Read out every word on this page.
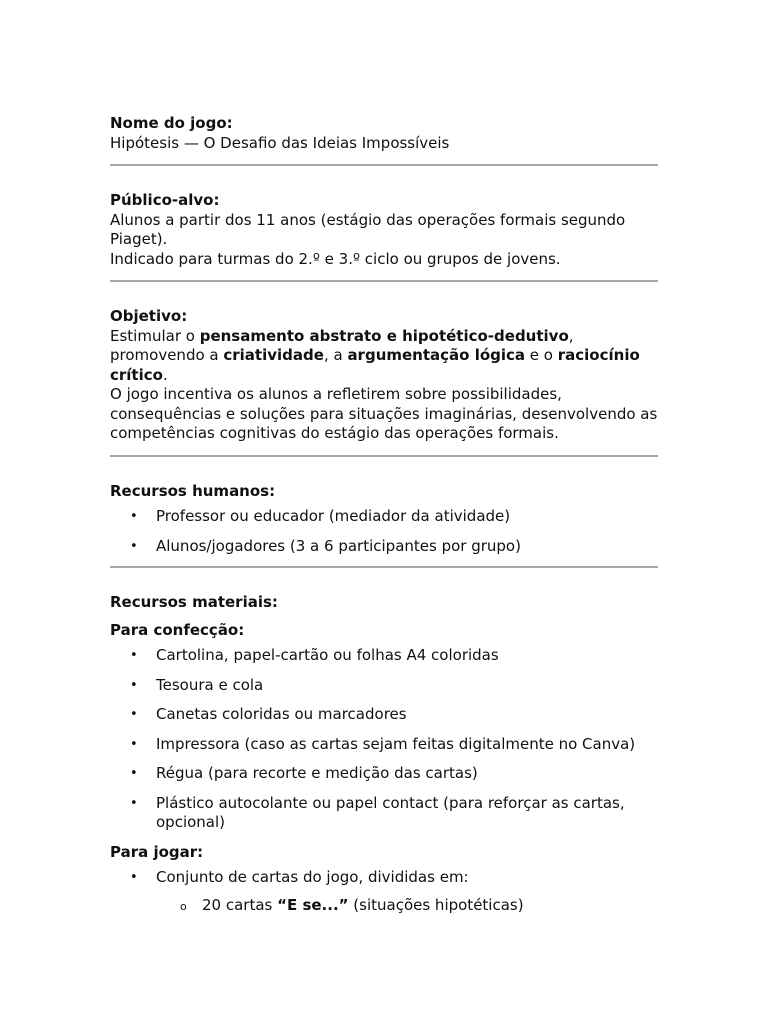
Nome do jogo:

Hipótesis — O Desafio das Ideias Impossíveis

Público-alvo:

Alunos a partir dos 11 anos (estágio das operações formais segundo Piaget).

Indicado para turmas do 2.º e 3.º ciclo ou grupos de jovens.

Objetivo:

Estimular o pensamento abstrato e hipotético-dedutivo, promovendo a criatividade, a argumentação lógica e o raciocínio crítico.

O jogo incentiva os alunos a refletirem sobre possibilidades, consequências e soluções para situações imaginárias, desenvolvendo as competências cognitivas do estágio das operações formais.

Recursos humanos:

• Professor ou educador (mediador da atividade)
• Alunos/jogadores (3 a 6 participantes por grupo)

Recursos materiais:

Para confecção:

• Cartolina, papel-cartão ou folhas A4 coloridas
• Tesoura e cola
• Canetas coloridas ou marcadores
• Impressora (caso as cartas sejam feitas digitalmente no Canva)
• Régua (para recorte e medição das cartas)
• Plástico autocolante ou papel contact (para reforçar as cartas, opcional)

Para jogar:

• Conjunto de cartas do jogo, divididas em:
o 20 cartas “E se...” (situações hipotéticas)
